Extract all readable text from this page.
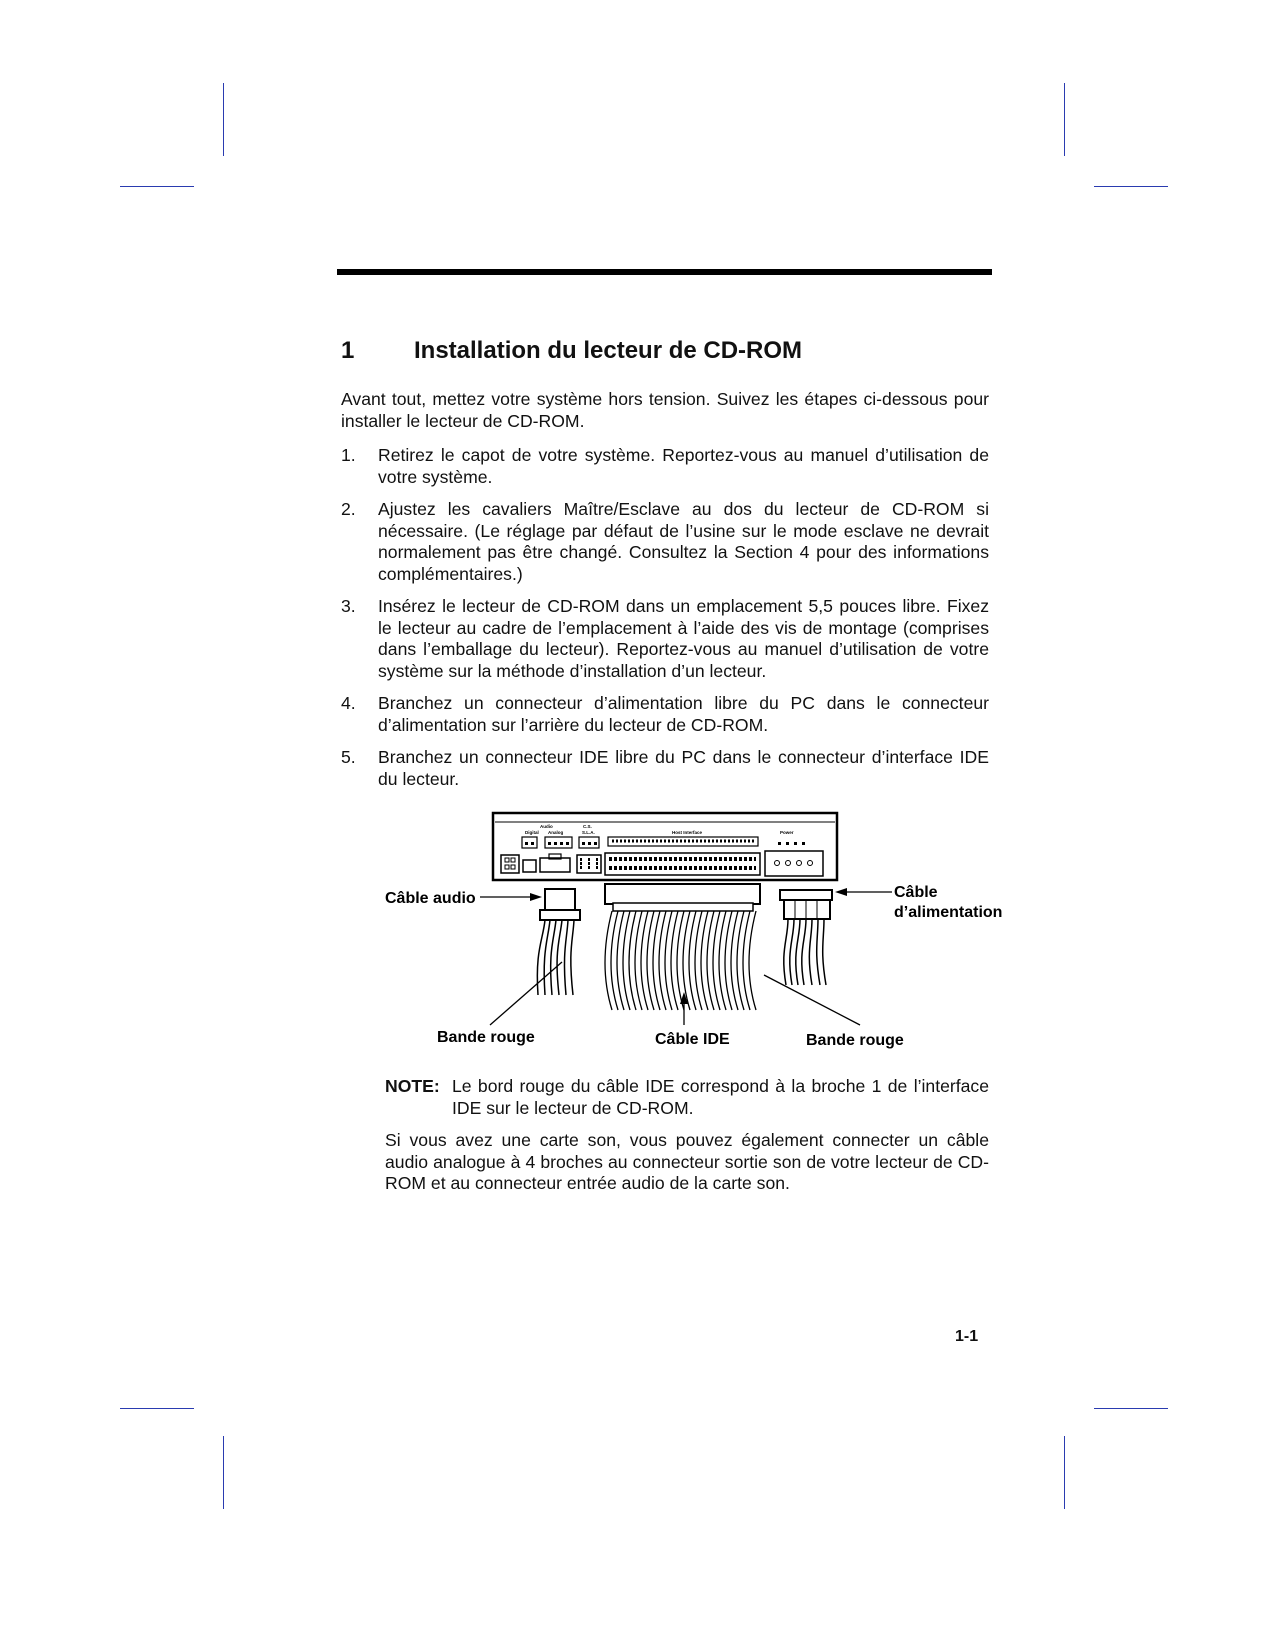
1 Installation du lecteur de CD-ROM

Avant tout, mettez votre système hors tension. Suivez les étapes ci-dessous pour installer le lecteur de CD-ROM.

1. Retirez le capot de votre système. Reportez-vous au manuel d’utilisation de votre système.
2. Ajustez les cavaliers Maître/Esclave au dos du lecteur de CD-ROM si nécessaire. (Le réglage par défaut de l’usine sur le mode esclave ne devrait normalement pas être changé. Consultez la Section 4 pour des informations complémentaires.)
3. Insérez le lecteur de CD-ROM dans un emplacement 5,5 pouces libre. Fixez le lecteur au cadre de l’emplacement à l’aide des vis de montage (comprises dans l’emballage du lecteur). Reportez-vous au manuel d’utilisation de votre système sur la méthode d’installation d’un lecteur.
4. Branchez un connecteur d’alimentation libre du PC dans le connecteur d’alimentation sur l’arrière du lecteur de CD-ROM.
5. Branchez un connecteur IDE libre du PC dans le connecteur d’interface IDE du lecteur.
Audio
Digital Analog
C.S.
S.L.A.	Host Interface	Power
Câble audio	Câble
d’alimentation
Bande rouge	Câble IDE	Bande rouge
NOTE: Le bord rouge du câble IDE correspond à la broche 1 de l’interface IDE sur le lecteur de CD-ROM.

Si vous avez une carte son, vous pouvez également connecter un câble audio analogue à 4 broches au connecteur sortie son de votre lecteur de CD-ROM et au connecteur entrée audio de la carte son.

1-1
